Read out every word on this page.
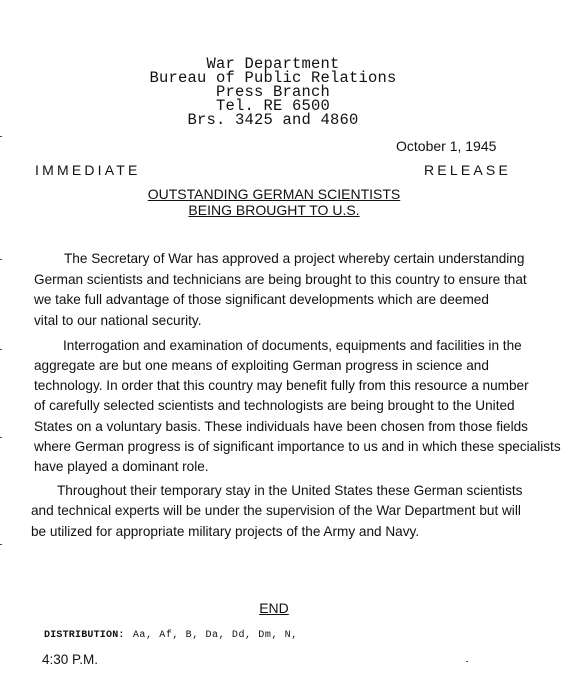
War Department
Bureau of Public Relations
Press Branch
Tel. RE 6500
Brs. 3425 and 4860
October 1, 1945
IMMEDIATE	RELEASE
OUTSTANDING GERMAN SCIENTISTS
BEING BROUGHT TO U.S.
The Secretary of War has approved a project whereby certain understanding
German scientists and technicians are being brought to this country to ensure that
we take full advantage of those significant developments which are deemed
vital to our national security.
Interrogation and examination of documents, equipments and facilities in the
aggregate are but one means of exploiting German progress in science and
technology. In order that this country may benefit fully from this resource a number
of carefully selected scientists and technologists are being brought to the United
States on a voluntary basis. These individuals have been chosen from those fields
where German progress is of significant importance to us and in which these specialists
have played a dominant role.
Throughout their temporary stay in the United States these German scientists
and technical experts will be under the supervision of the War Department but will
be utilized for appropriate military projects of the Army and Navy.
END
DISTRIBUTION: Aa, Af, B, Da, Dd, Dm, N,
4:30 P.M.
